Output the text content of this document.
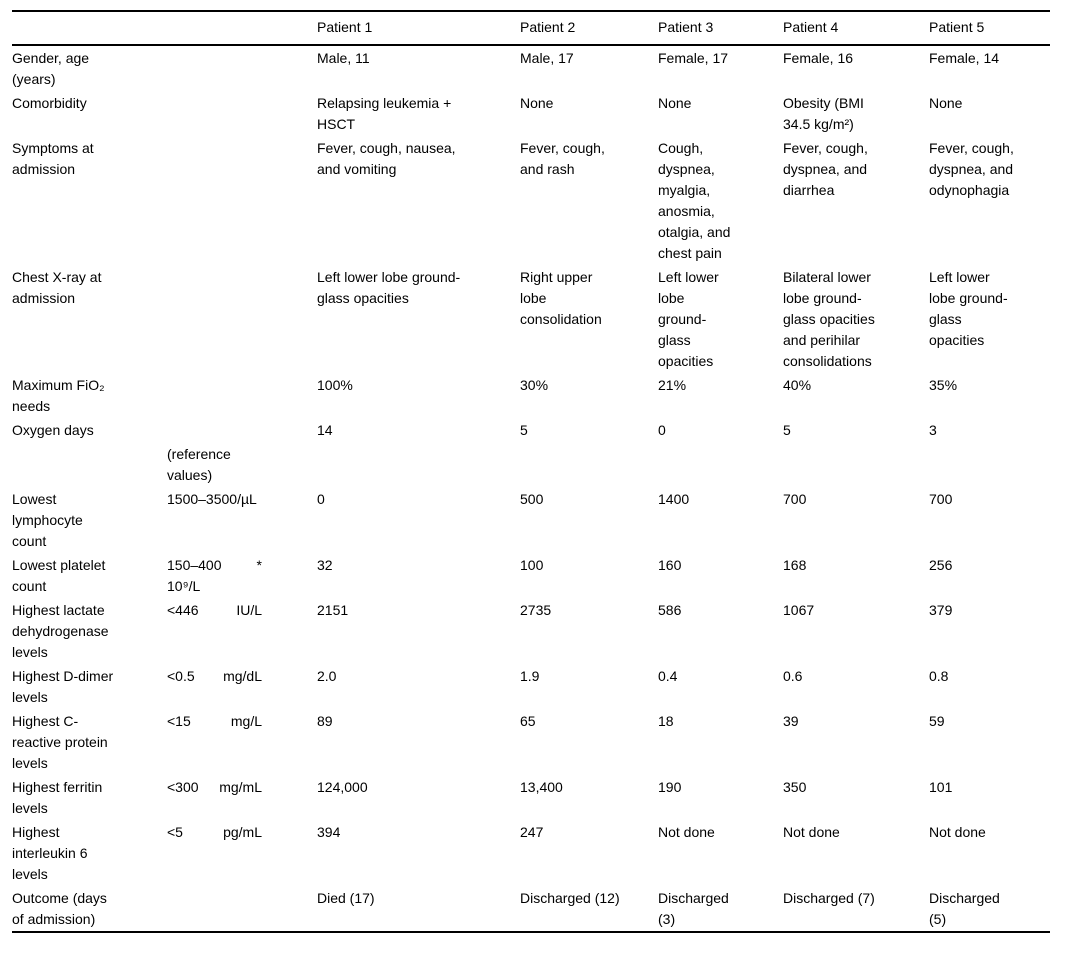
		Patient 1	Patient 2	Patient 3	Patient 4	Patient 5
Gender, age (years)		Male, 11	Male, 17	Female, 17	Female, 16	Female, 14
Comorbidity		Relapsing leukemia + HSCT	None	None	Obesity (BMI 34.5 kg/m²)	None
Symptoms at admission		Fever, cough, nausea, and vomiting	Fever, cough, and rash	Cough, dyspnea, myalgia, anosmia, otalgia, and chest pain	Fever, cough, dyspnea, and diarrhea	Fever, cough, dyspnea, and odynophagia
Chest X-ray at admission		Left lower lobe ground-glass opacities	Right upper lobe consolidation	Left lower lobe ground-glass opacities	Bilateral lower lobe ground-glass opacities and perihilar consolidations	Left lower lobe ground-glass opacities
Maximum FiO₂ needs		100%	30%	21%	40%	35%
Oxygen days		14	5	0	5	3
	(reference values)					
Lowest lymphocyte count	1500–3500/µL	0	500	1400	700	700
Lowest platelet count	150–400 * 10⁹/L	32	100	160	168	256
Highest lactate dehydrogenase levels	<446 IU/L	2151	2735	586	1067	379
Highest D-dimer levels	<0.5 mg/dL	2.0	1.9	0.4	0.6	0.8
Highest C-reactive protein levels	<15 mg/L	89	65	18	39	59
Highest ferritin levels	<300 mg/mL	124,000	13,400	190	350	101
Highest interleukin 6 levels	<5 pg/mL	394	247	Not done	Not done	Not done
Outcome (days of admission)		Died (17)	Discharged (12)	Discharged (3)	Discharged (7)	Discharged (5)
